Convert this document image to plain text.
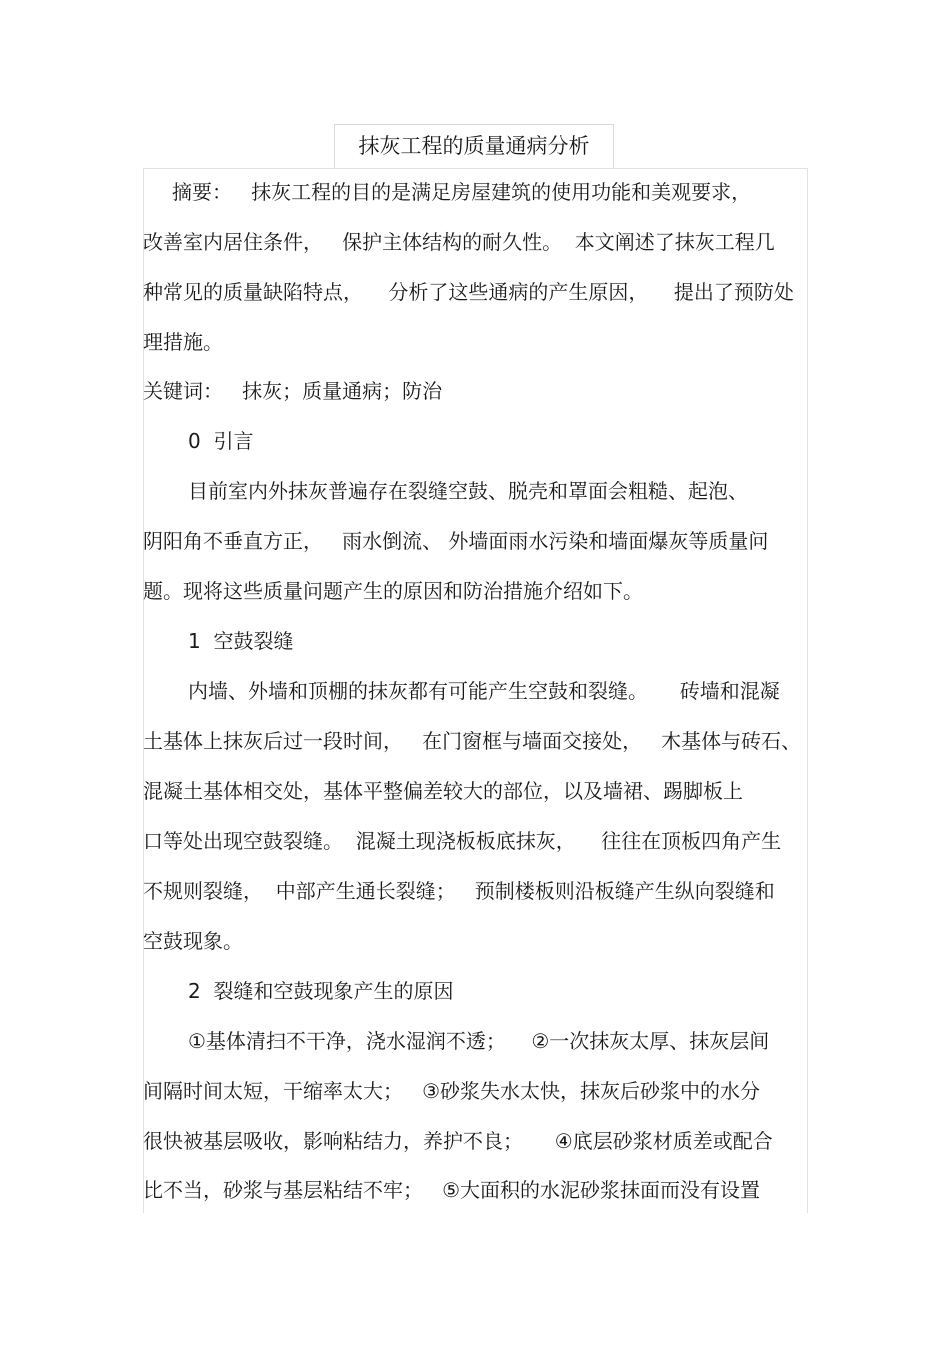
抹灰工程的质量通病分析
摘要：   抹灰工程的目的是满足房屋建筑的使用功能和美观要求，
改善室内居住条件，   保护主体结构的耐久性。  本文阐述了抹灰工程几
种常见的质量缺陷特点，    分析了这些通病的产生原因，    提出了预防处
理措施。
关键词：   抹灰；质量通病；防治
0  引言
目前室内外抹灰普遍存在裂缝空鼓、脱壳和罩面会粗糙、起泡、
阴阳角不垂直方正，   雨水倒流、 外墙面雨水污染和墙面爆灰等质量问
题。现将这些质量问题产生的原因和防治措施介绍如下。
1  空鼓裂缝
内墙、外墙和顶棚的抹灰都有可能产生空鼓和裂缝。     砖墙和混凝
土基体上抹灰后过一段时间，   在门窗框与墙面交接处，   木基体与砖石、
混凝土基体相交处，基体平整偏差较大的部位，以及墙裙、踢脚板上
口等处出现空鼓裂缝。  混凝土现浇板板底抹灰，    往往在顶板四角产生
不规则裂缝，  中部产生通长裂缝；   预制楼板则沿板缝产生纵向裂缝和
空鼓现象。
2  裂缝和空鼓现象产生的原因
①基体清扫不干净，浇水湿润不透；    ②一次抹灰太厚、抹灰层间
间隔时间太短，干缩率太大；   ③砂浆失水太快，抹灰后砂浆中的水分
很快被基层吸收，影响粘结力，养护不良；     ④底层砂浆材质差或配合
比不当，砂浆与基层粘结不牢；   ⑤大面积的水泥砂浆抹面而没有设置
